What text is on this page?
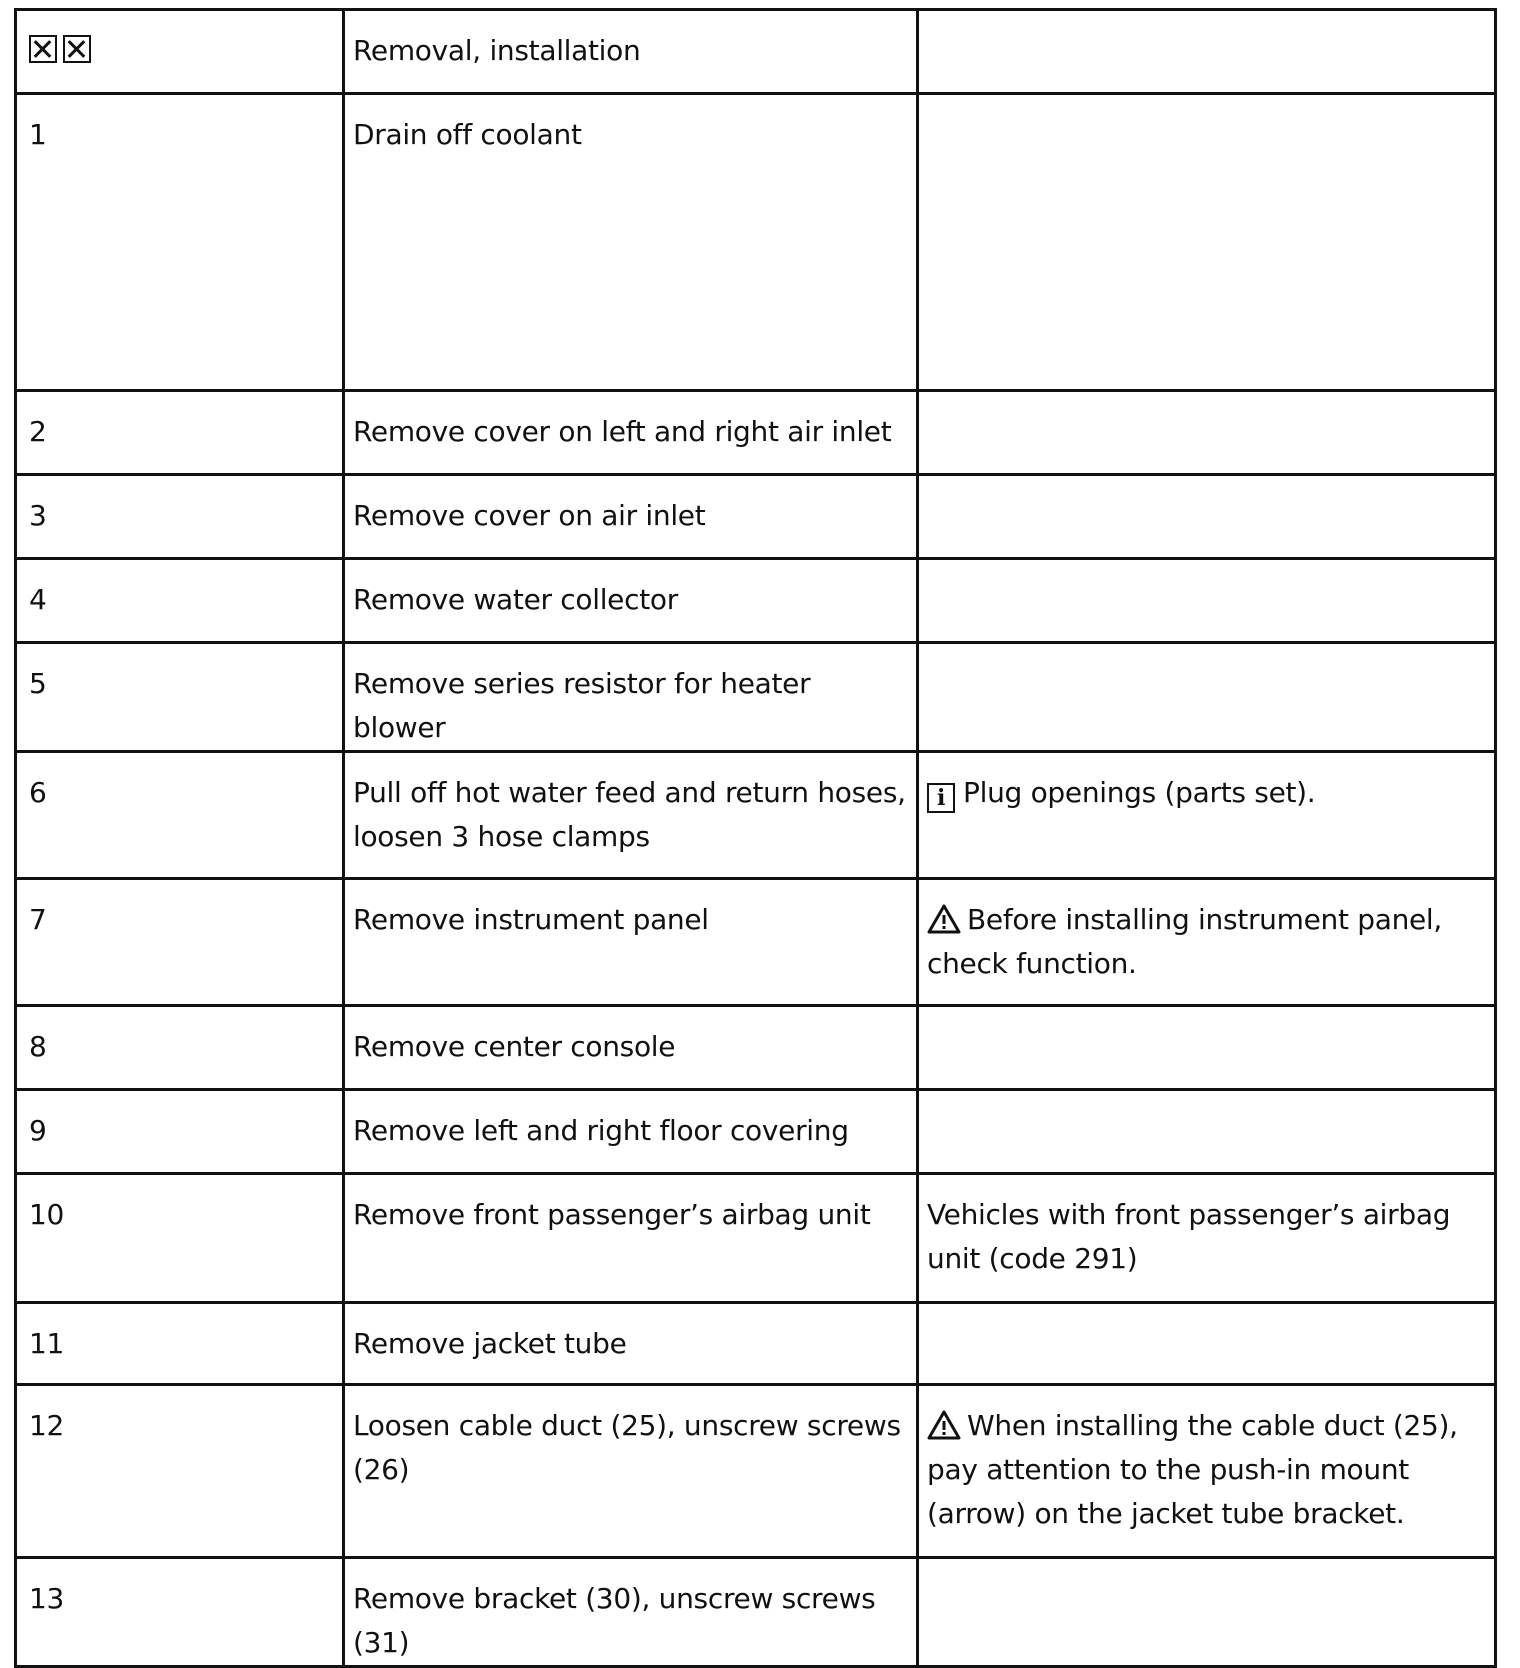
	Removal, installation	
1	Drain off coolant	
2	Remove cover on left and right air inlet	
3	Remove cover on air inlet	
4	Remove water collector	
5	Remove series resistor for heater blower	
6	Pull off hot water feed and return hoses, loosen 3 hose clamps	i Plug openings (parts set).
7	Remove instrument panel	Before installing instrument panel, check function.
8	Remove center console	
9	Remove left and right floor covering	
10	Remove front passenger’s airbag unit	Vehicles with front passenger’s airbag unit (code 291)
11	Remove jacket tube	
12	Loosen cable duct (25), unscrew screws (26)	When installing the cable duct (25), pay attention to the push-in mount (arrow) on the jacket tube bracket.
13	Remove bracket (30), unscrew screws (31)	
